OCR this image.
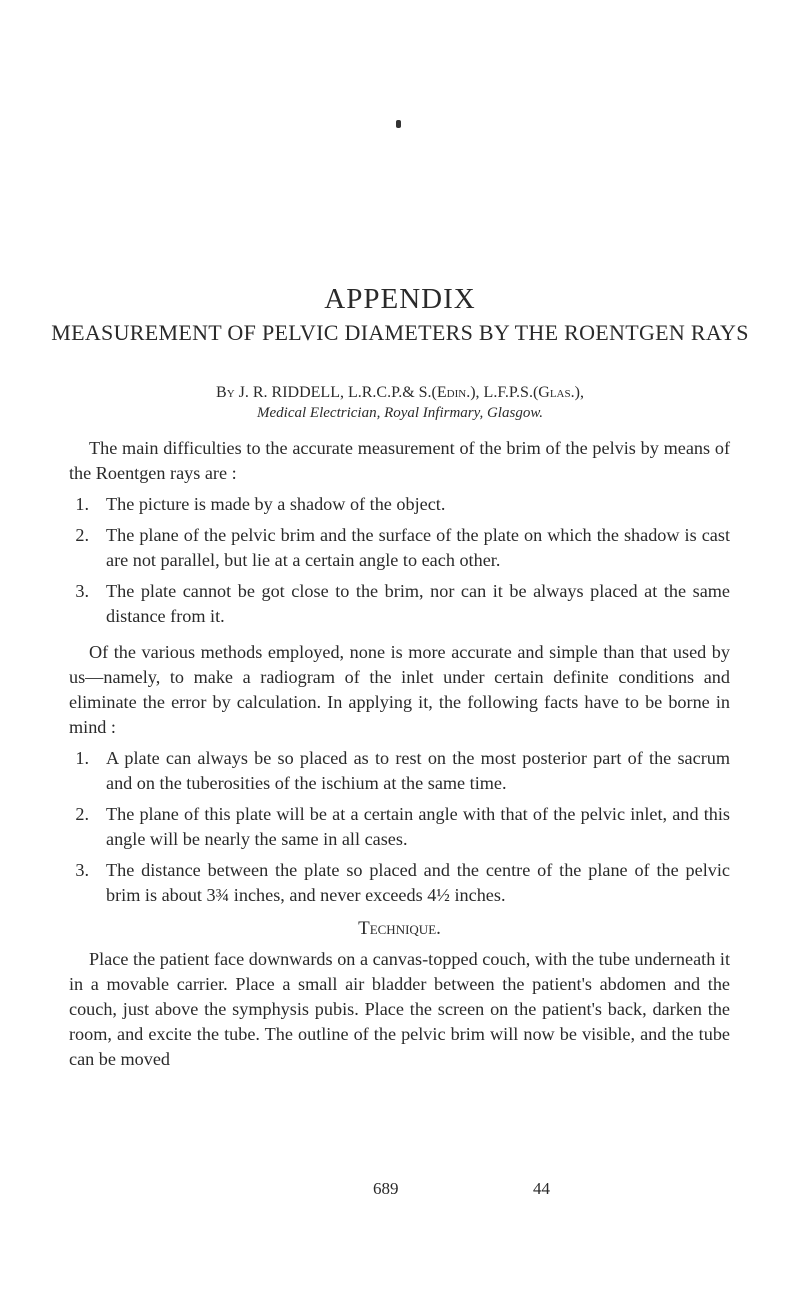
APPENDIX
MEASUREMENT OF PELVIC DIAMETERS BY THE ROENTGEN RAYS
By J. R. RIDDELL, L.R.C.P.& S.(Edin.), L.F.P.S.(Glas.),
Medical Electrician, Royal Infirmary, Glasgow.

The main difficulties to the accurate measurement of the brim of the pelvis by means of the Roentgen rays are :

1. The picture is made by a shadow of the object.
2. The plane of the pelvic brim and the surface of the plate on which the shadow is cast are not parallel, but lie at a certain angle to each other.
3. The plate cannot be got close to the brim, nor can it be always placed at the same distance from it.

Of the various methods employed, none is more accurate and simple than that used by us—namely, to make a radiogram of the inlet under certain definite conditions and eliminate the error by calculation. In applying it, the following facts have to be borne in mind :

1. A plate can always be so placed as to rest on the most posterior part of the sacrum and on the tuberosities of the ischium at the same time.
2. The plane of this plate will be at a certain angle with that of the pelvic inlet, and this angle will be nearly the same in all cases.
3. The distance between the plate so placed and the centre of the plane of the pelvic brim is about 3¾ inches, and never exceeds 4½ inches.
Technique.

Place the patient face downwards on a canvas-topped couch, with the tube underneath it in a movable carrier. Place a small air bladder between the patient's abdomen and the couch, just above the symphysis pubis. Place the screen on the patient's back, darken the room, and excite the tube. The outline of the pelvic brim will now be visible, and the tube can be moved

689	44
